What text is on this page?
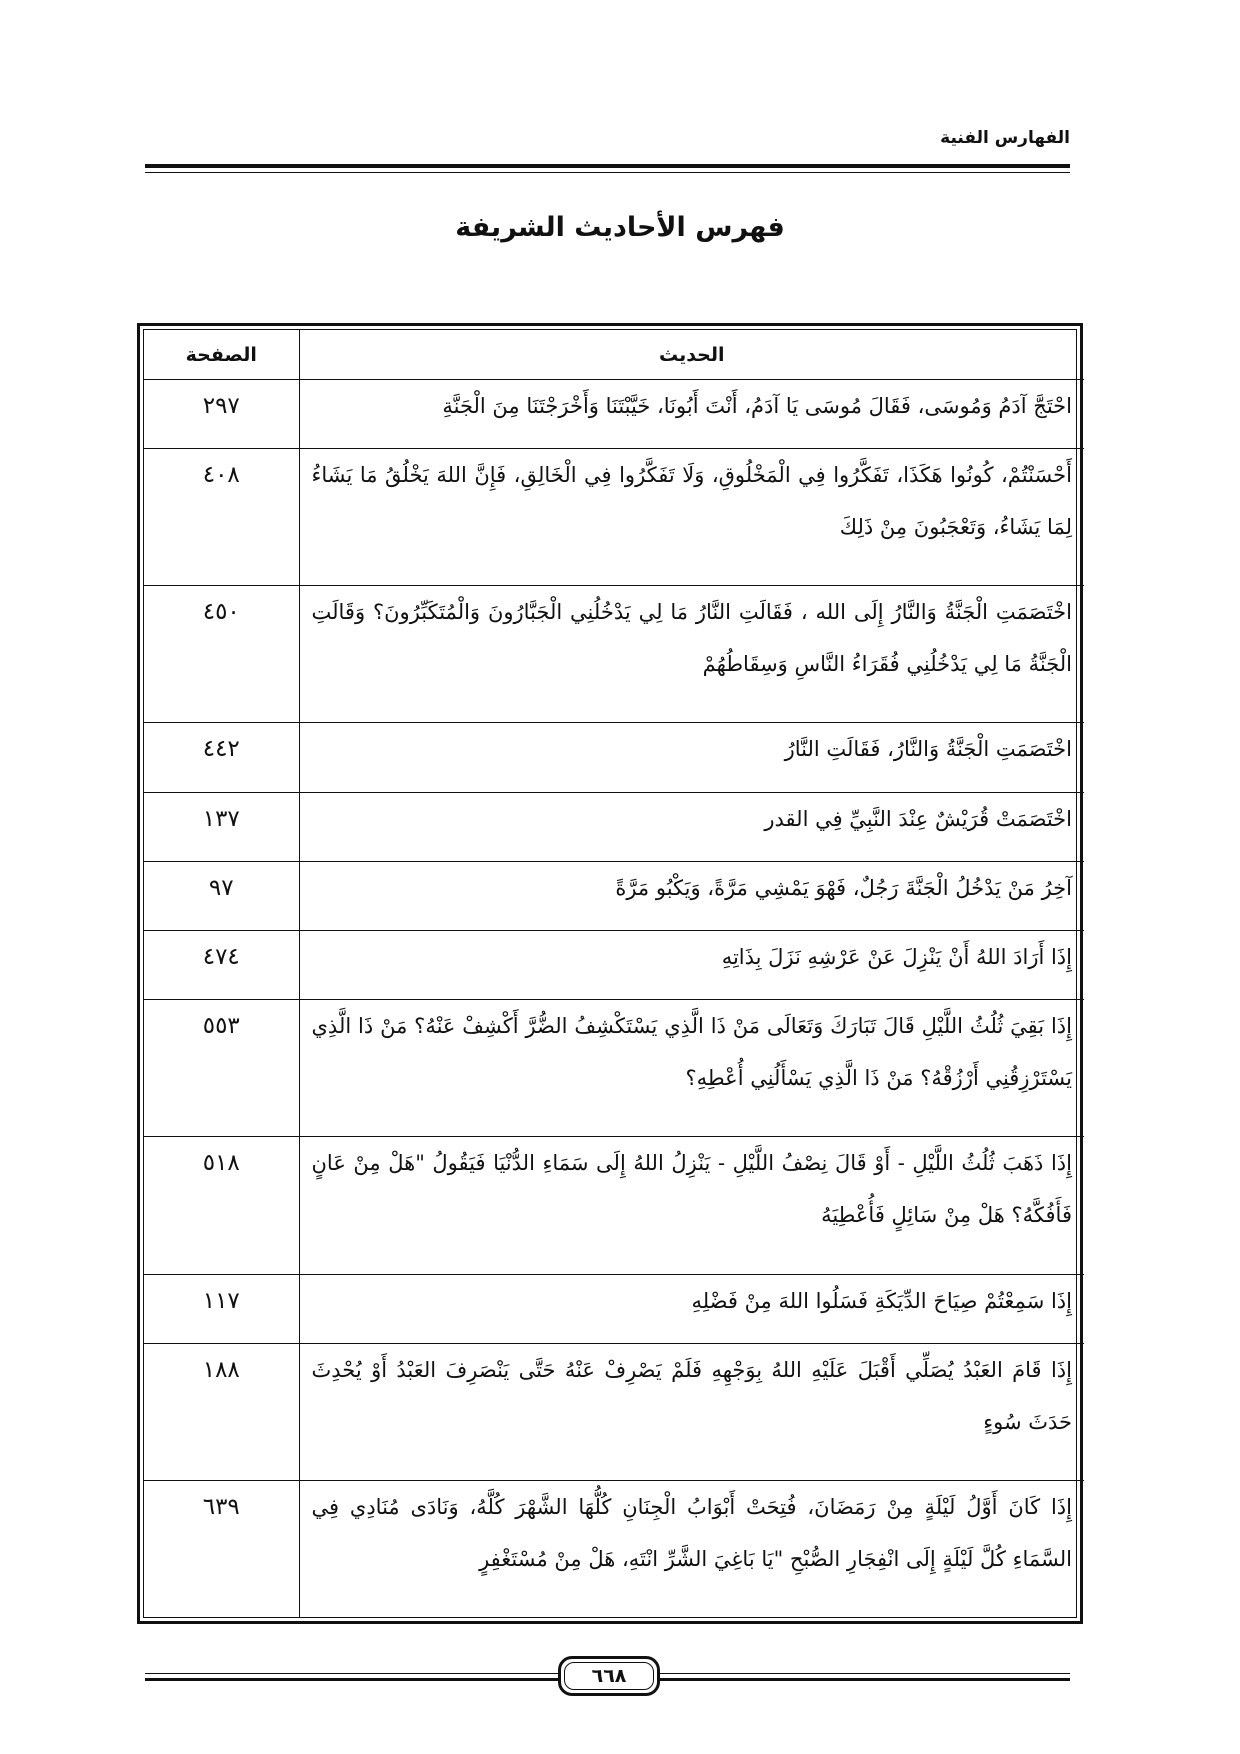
الفهارس الفنية
فهرس الأحاديث الشريفة
الحديث	الصفحة
احْتَجَّ آدَمُ وَمُوسَى، فَقَالَ مُوسَى يَا آدَمُ، أَنْتَ أَبُونَا، خَيَّبْتَنَا وَأَخْرَجْتَنَا مِنَ الْجَنَّةِ	٢٩٧
أَحْسَنْتُمْ، كُونُوا هَكَذَا، تَفَكَّرُوا فِي الْمَخْلُوقِ، وَلَا تَفَكَّرُوا فِي الْخَالِقِ، فَإِنَّ اللهَ يَخْلُقُ مَا يَشَاءُ لِمَا يَشَاءُ، وَتَعْجَبُونَ مِنْ ذَلِكَ	٤٠٨
اخْتَصَمَتِ الْجَنَّةُ وَالنَّارُ إِلَى الله ، فَقَالَتِ النَّارُ مَا لِي يَدْخُلُنِي الْجَبَّارُونَ وَالْمُتَكَبِّرُونَ؟ وَقَالَتِ الْجَنَّةُ مَا لِي يَدْخُلُنِي فُقَرَاءُ النَّاسِ وَسِقَاطُهُمْ	٤٥٠
اخْتَصَمَتِ الْجَنَّةُ وَالنَّارُ، فَقَالَتِ النَّارُ	٤٤٢
اخْتَصَمَتْ قُرَيْشٌ عِنْدَ النَّبِيِّ فِي القدر	١٣٧
آخِرُ مَنْ يَدْخُلُ الْجَنَّةَ رَجُلٌ، فَهْوَ يَمْشِي مَرَّةً، وَيَكْبُو مَرَّةً	٩٧
إِذَا أَرَادَ اللهُ أَنْ يَنْزِلَ عَنْ عَرْشِهِ نَزَلَ بِذَاتِهِ	٤٧٤
إِذَا بَقِيَ ثُلُثُ اللَّيْلِ قَالَ تَبَارَكَ وَتَعَالَى مَنْ ذَا الَّذِي يَسْتَكْشِفُ الضُّرَّ أَكْشِفْ عَنْهُ؟ مَنْ ذَا الَّذِي يَسْتَرْزِقُنِي أَرْزُقْهُ؟ مَنْ ذَا الَّذِي يَسْأَلُنِي أُعْطِهِ؟	٥٥٣
إِذَا ذَهَبَ ثُلُثُ اللَّيْلِ - أَوْ قَالَ نِصْفُ اللَّيْلِ - يَنْزِلُ اللهُ إِلَى سَمَاءِ الدُّنْيَا فَيَقُولُ "هَلْ مِنْ عَانٍ فَأَفُكَّهُ؟ هَلْ مِنْ سَائِلٍ فَأُعْطِيَهُ	٥١٨
إِذَا سَمِعْتُمْ صِيَاحَ الدِّيَكَةِ فَسَلُوا اللهَ مِنْ فَضْلِهِ	١١٧
إِذَا قَامَ العَبْدُ يُصَلِّي أَقْبَلَ عَلَيْهِ اللهُ بِوَجْهِهِ فَلَمْ يَصْرِفْ عَنْهُ حَتَّى يَنْصَرِفَ العَبْدُ أَوْ يُحْدِثَ حَدَثَ سُوءٍ	١٨٨
إِذَا كَانَ أَوَّلُ لَيْلَةٍ مِنْ رَمَضَانَ، فُتِحَتْ أَبْوَابُ الْجِنَانِ كُلُّهَا الشَّهْرَ كُلَّهُ، وَنَادَى مُنَادِي فِي السَّمَاءِ كُلَّ لَيْلَةٍ إِلَى انْفِجَارِ الصُّبْحِ "يَا بَاغِيَ الشَّرِّ انْتَهِ، هَلْ مِنْ مُسْتَغْفِرٍ	٦٣٩
٦٦٨
